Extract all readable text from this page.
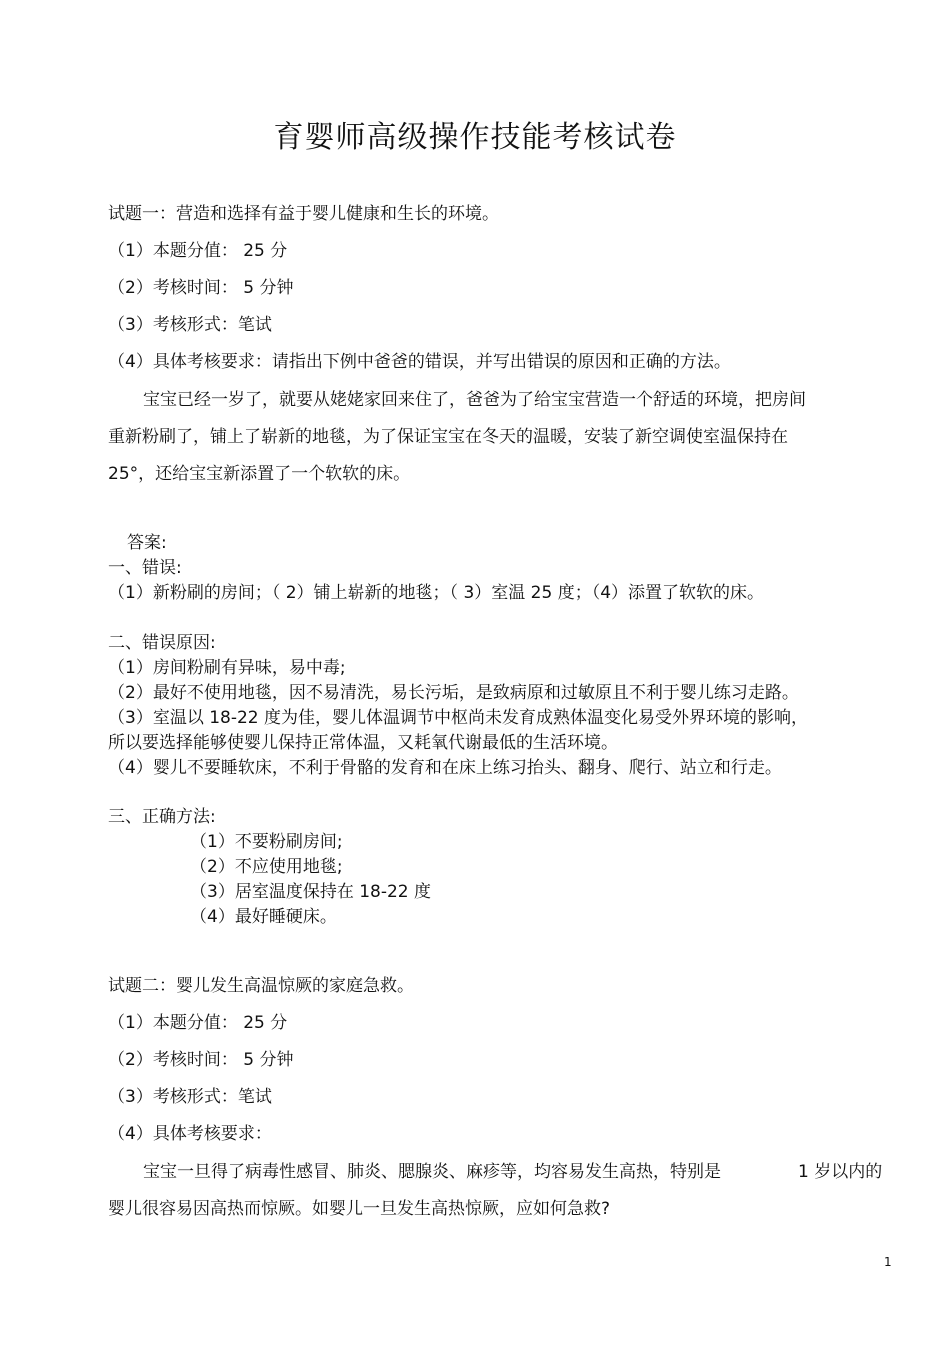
育婴师高级操作技能考核试卷
试题一：营造和选择有益于婴儿健康和生长的环境。
（1）本题分值： 25 分
（2）考核时间： 5 分钟
（3）考核形式：笔试
（4）具体考核要求：请指出下例中爸爸的错误，并写出错误的原因和正确的方法。
宝宝已经一岁了，就要从姥姥家回来住了，爸爸为了给宝宝营造一个舒适的环境，把房间
重新粉刷了，铺上了崭新的地毯，为了保证宝宝在冬天的温暖，安装了新空调使室温保持在
25°，还给宝宝新添置了一个软软的床。
答案:
一、错误:
（1）新粉刷的房间；（ 2）铺上崭新的地毯；（ 3）室温 25 度；（4）添置了软软的床。
二、错误原因:
（1）房间粉刷有异味，易中毒;
（2）最好不使用地毯，因不易清洗，易长污垢，是致病原和过敏原且不利于婴儿练习走路。
（3）室温以 18-22 度为佳，婴儿体温调节中枢尚未发育成熟体温变化易受外界环境的影响，
所以要选择能够使婴儿保持正常体温，又耗氧代谢最低的生活环境。
（4）婴儿不要睡软床，不利于骨骼的发育和在床上练习抬头、翻身、爬行、站立和行走。
三、正确方法:
（1）不要粉刷房间;
（2）不应使用地毯;
（3）居室温度保持在 18-22 度
（4）最好睡硬床。
试题二：婴儿发生高温惊厥的家庭急救。
（1）本题分值： 25 分
（2）考核时间： 5 分钟
（3）考核形式：笔试
（4）具体考核要求：
宝宝一旦得了病毒性感冒、肺炎、腮腺炎、麻疹等，均容易发生高热，特别是	1 岁以内的
婴儿很容易因高热而惊厥。如婴儿一旦发生高热惊厥，应如何急救?
1
